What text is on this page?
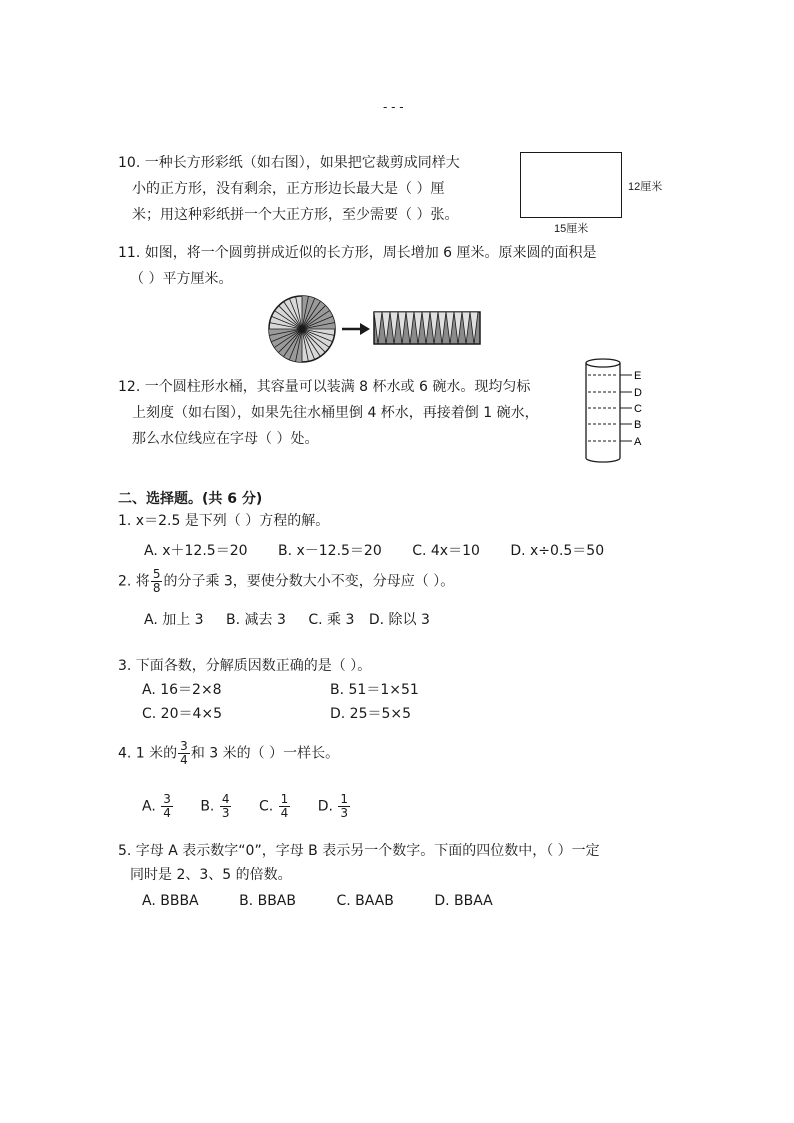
- - -
10. 一种长方形彩纸（如右图），如果把它裁剪成同样大
小的正方形，没有剩余，正方形边长最大是（ ）厘
米；用这种彩纸拼一个大正方形，至少需要（ ）张。
12厘米
15厘米
11. 如图，将一个圆剪拼成近似的长方形，周长增加 6 厘米。原来圆的面积是
（ ）平方厘米。
12. 一个圆柱形水桶，其容量可以装满 8 杯水或 6 碗水。现均匀标
上刻度（如右图），如果先往水桶里倒 4 杯水，再接着倒 1 碗水，
那么水位线应在字母（ ）处。
E
D
C
B
A
二、选择题。(共 6 分)
1. x＝2.5 是下列（ ）方程的解。
A. x＋12.5＝20 B. x－12.5＝20 C. 4x＝10 D. x÷0.5＝50
2. 将 $\frac{5}{8}$ 的分子乘 3，要使分数大小不变，分母应（ ）。
A. 加上 3 B. 减去 3 C. 乘 3 D. 除以 3
3. 下面各数，分解质因数正确的是（ ）。
A. 16＝2×8	B. 51＝1×51
C. 20＝4×5	D. 25＝5×5
4. 1 米的 $\frac{3}{4}$ 和 3 米的（ ）一样长。
A. $\frac{3}{4} B$. $\frac{4}{3} C$. $\frac{1}{4} D$. $\frac{1}{3}$
5. 字母 A 表示数字“0”，字母 B 表示另一个数字。下面的四位数中，（ ）一定
同时是 2、3、5 的倍数。
A. BBBA	B. BBAB	C. BAAB	D. BBAA
